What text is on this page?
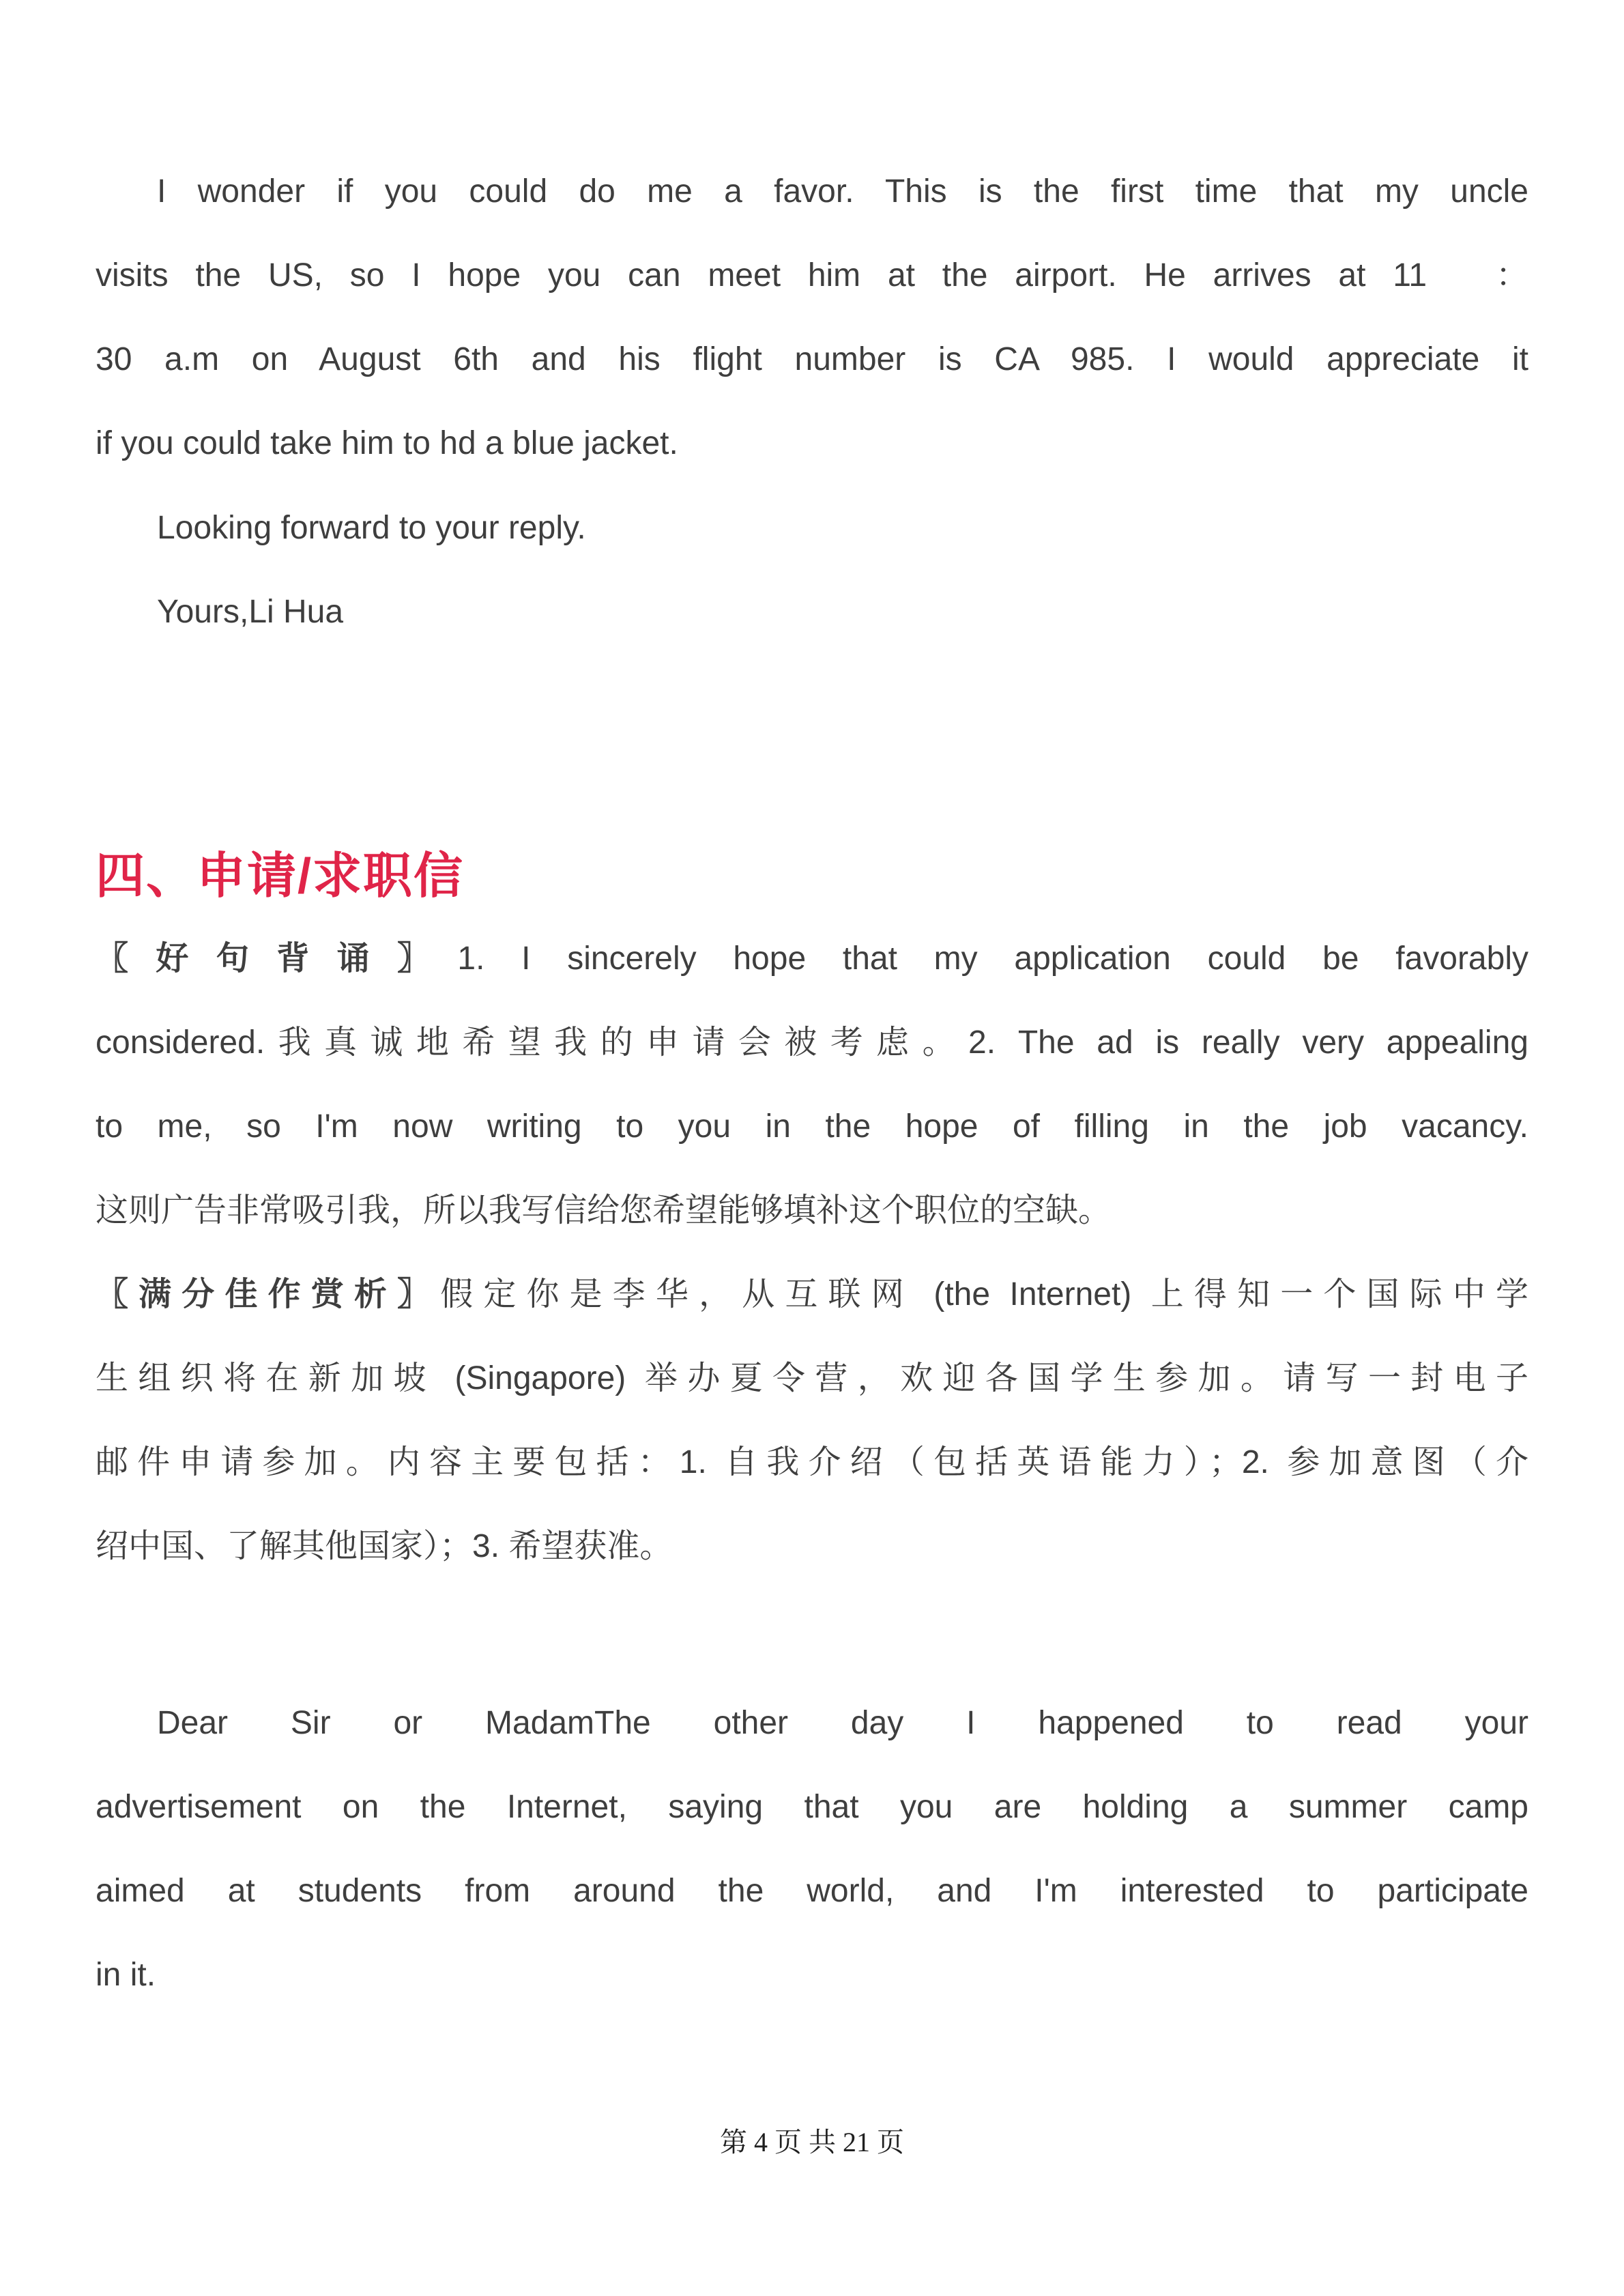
I wonder if you could do me a favor. This is the first time that my uncle
visits the US, so I hope you can meet him at the airport. He arrives at 11　：
30 a.m on August 6th and his flight number is CA 985. I would appreciate it
if you could take him to hd a blue jacket.
Looking forward to your reply.
Yours,Li Hua
四、申请/求职信
〖好句背诵〗1. I sincerely hope that my application could be favorably
considered.我真诚地希望我的申请会被考虑。2. The ad is really very appealing
to me, so I'm now writing to you in the hope of filling in the job vacancy.
这则广告非常吸引我，所以我写信给您希望能够填补这个职位的空缺。
〖满分佳作赏析〗假定你是李华，从互联网 (the Internet) 上得知一个国际中学
生组织将在新加坡 (Singapore) 举办夏令营，欢迎各国学生参加。请写一封电子
邮件申请参加。内容主要包括：1. 自我介绍（包括英语能力）；2. 参加意图（介
绍中国、了解其他国家）；3. 希望获准。
Dear Sir or MadamThe other day I happened to read your
advertisement on the Internet, saying that you are holding a summer camp
aimed at students from around the world, and I'm interested to participate
in it.
第 4 页 共 21 页
